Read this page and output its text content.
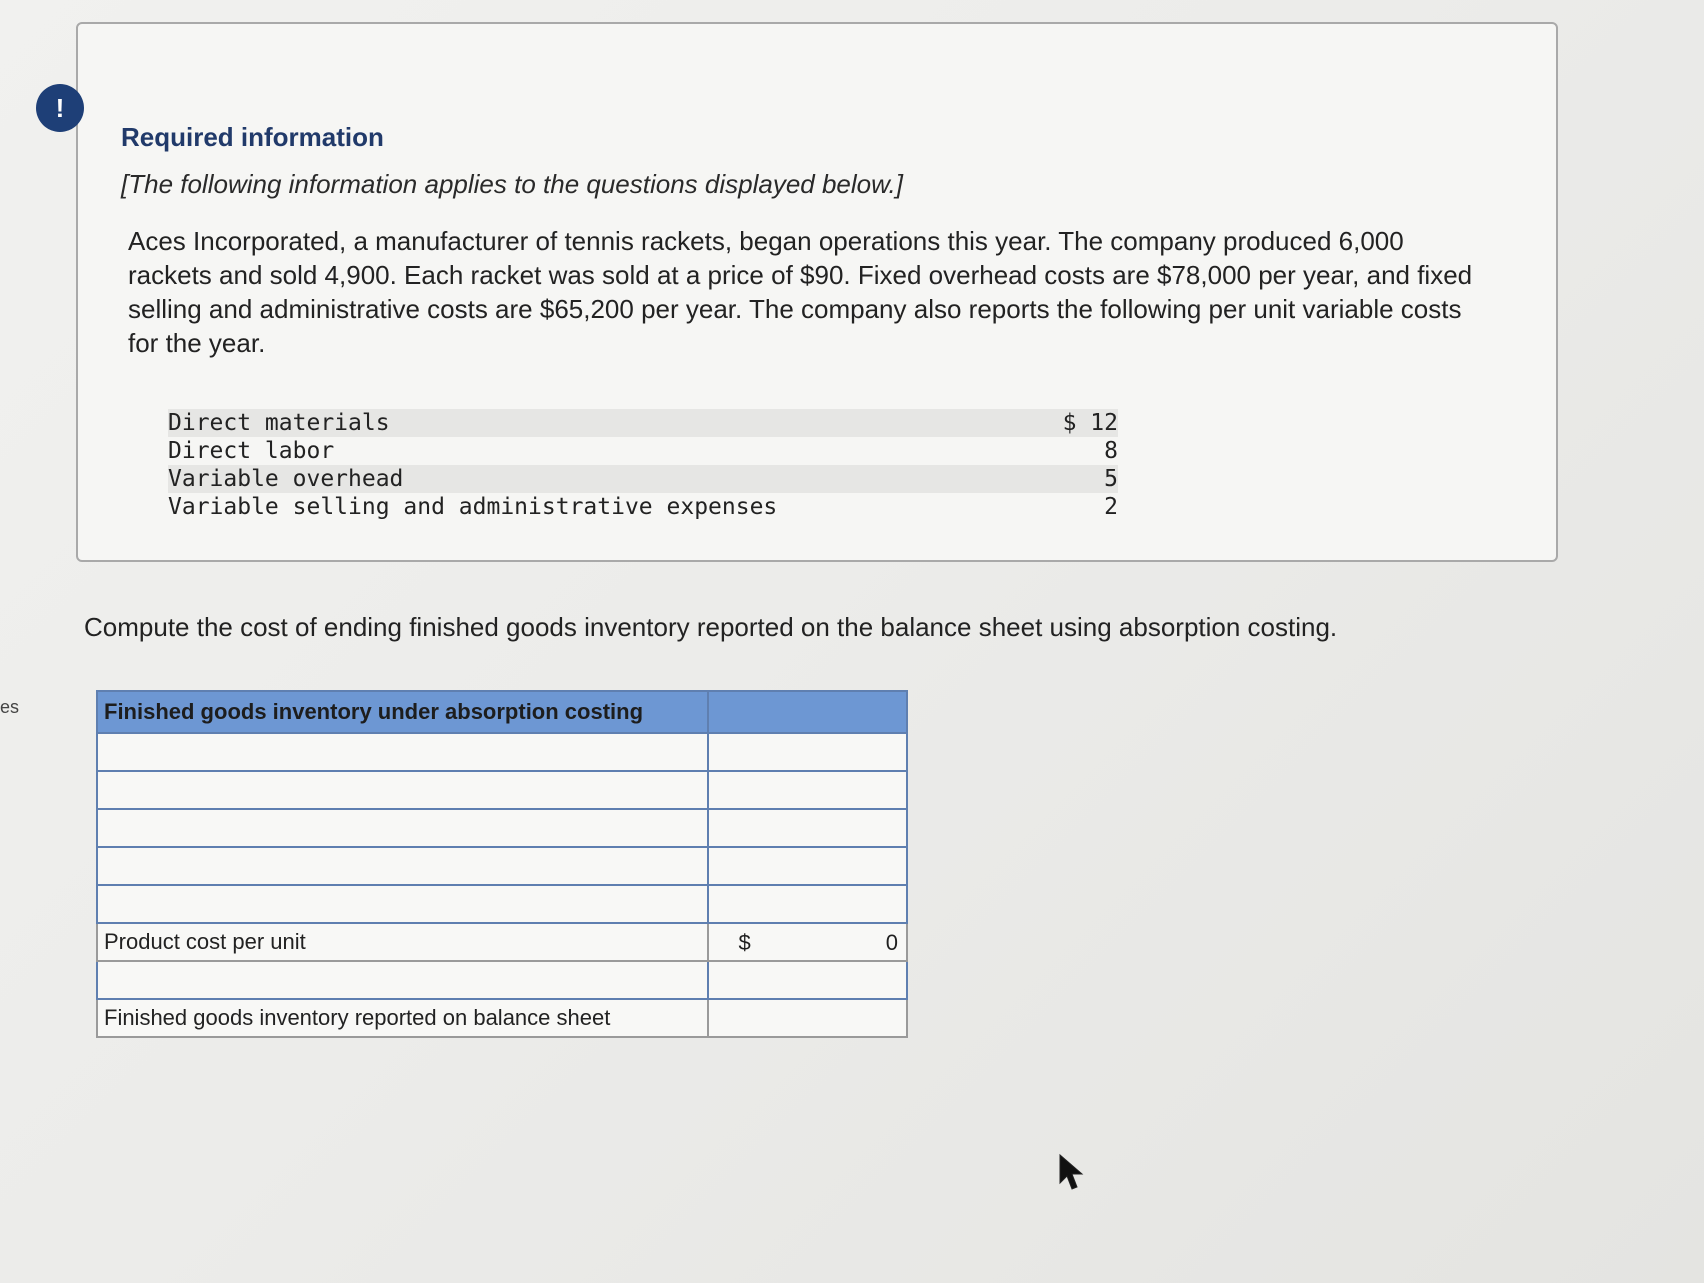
es
!
Required information
[The following information applies to the questions displayed below.]
Aces Incorporated, a manufacturer of tennis rackets, began operations this year. The company produced 6,000 rackets and sold 4,900. Each racket was sold at a price of $90. Fixed overhead costs are $78,000 per year, and fixed selling and administrative costs are $65,200 per year. The company also reports the following per unit variable costs for the year.
Direct materials	$ 12
Direct labor	8
Variable overhead	5
Variable selling and administrative expenses	2
Compute the cost of ending finished goods inventory reported on the balance sheet using absorption costing.
Finished goods inventory under absorption costing	

Product cost per unit	$ 0

Finished goods inventory reported on balance sheet	
